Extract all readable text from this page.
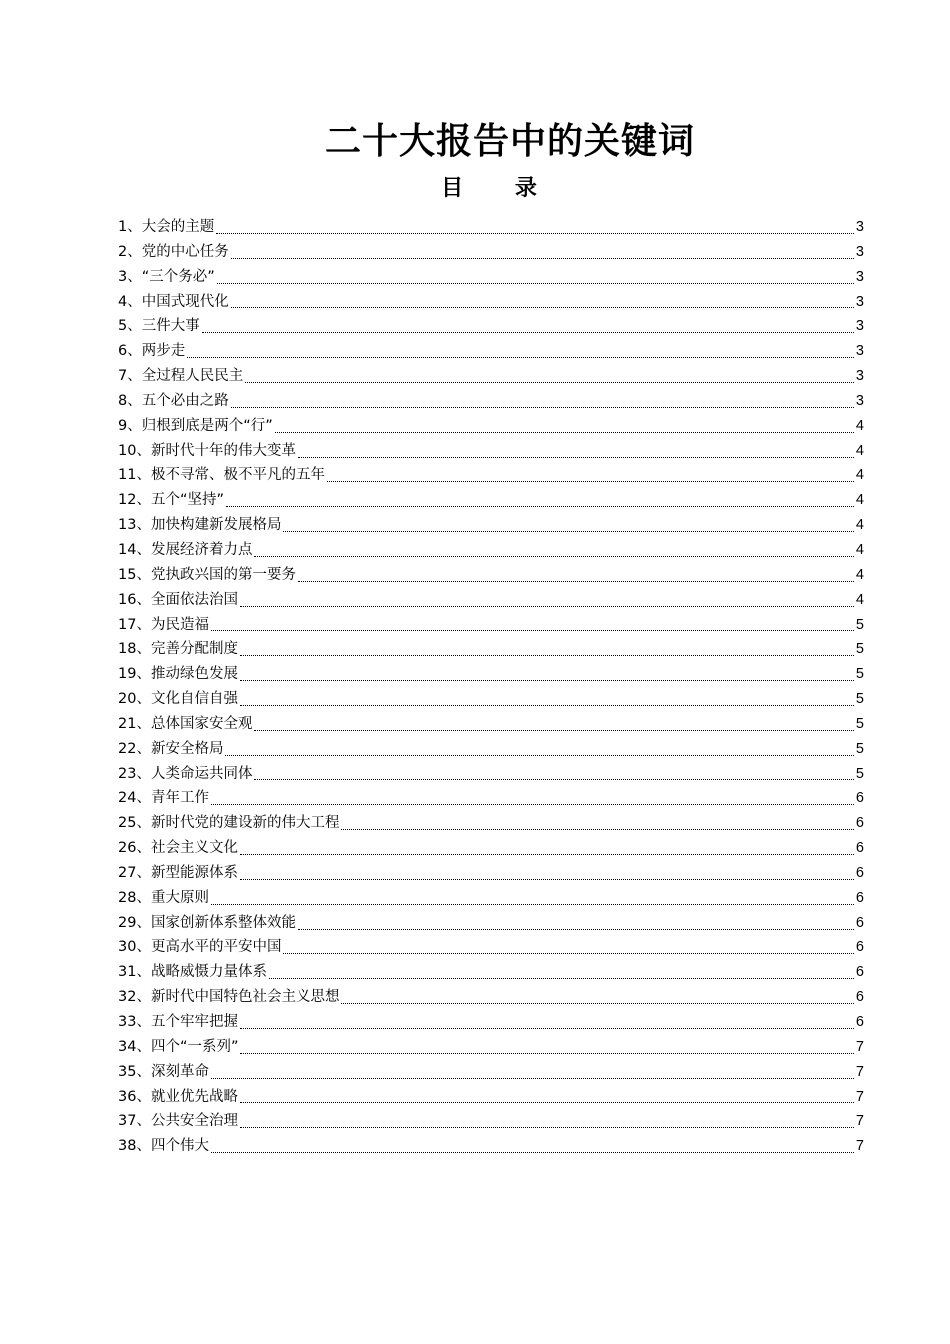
二十大报告中的关键词
目 录
1、大会的主题	3
2、党的中心任务	3
3、“三个务必”	3
4、中国式现代化	3
5、三件大事	3
6、两步走	3
7、全过程人民民主	3
8、五个必由之路	3
9、归根到底是两个“行”	4
10、新时代十年的伟大变革	4
11、极不寻常、极不平凡的五年	4
12、五个“坚持”	4
13、加快构建新发展格局	4
14、发展经济着力点	4
15、党执政兴国的第一要务	4
16、全面依法治国	4
17、为民造福	5
18、完善分配制度	5
19、推动绿色发展	5
20、文化自信自强	5
21、总体国家安全观	5
22、新安全格局	5
23、人类命运共同体	5
24、青年工作	6
25、新时代党的建设新的伟大工程	6
26、社会主义文化	6
27、新型能源体系	6
28、重大原则	6
29、国家创新体系整体效能	6
30、更高水平的平安中国	6
31、战略威慑力量体系	6
32、新时代中国特色社会主义思想	6
33、五个牢牢把握	6
34、四个“一系列”	7
35、深刻革命	7
36、就业优先战略	7
37、公共安全治理	7
38、四个伟大	7
